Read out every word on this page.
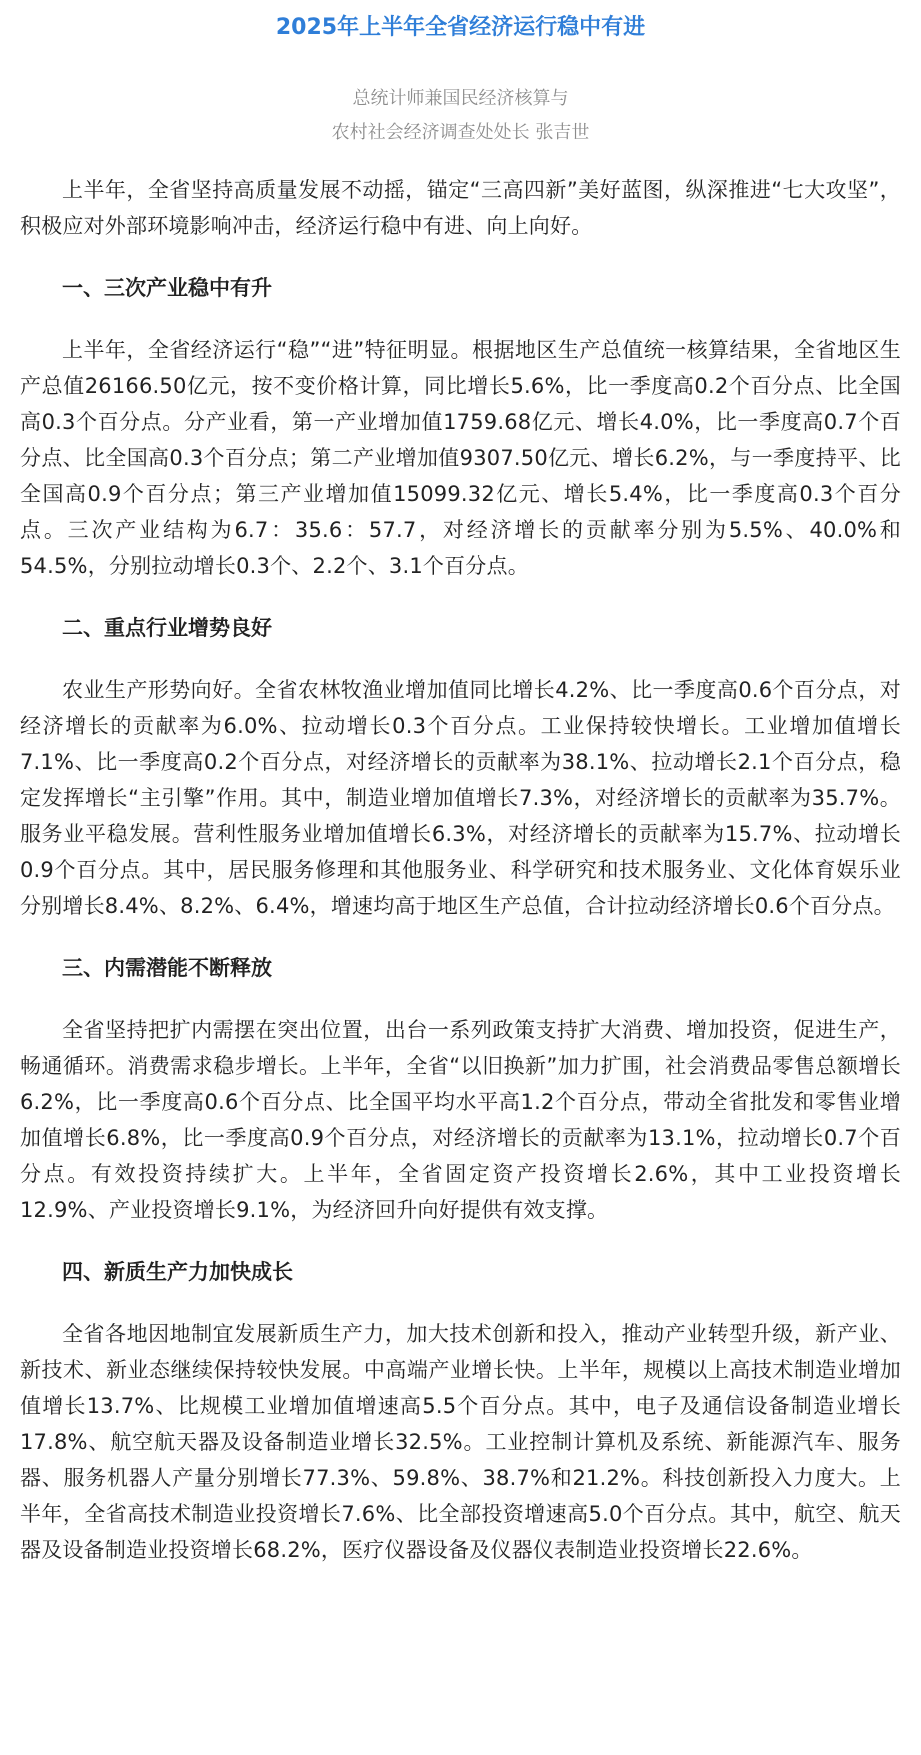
2025年上半年全省经济运行稳中有进
总统计师兼国民经济核算与
农村社会经济调查处处长 张吉世

上半年，全省坚持高质量发展不动摇，锚定“三高四新”美好蓝图，纵深推进“七大攻坚”，积极应对外部环境影响冲击，经济运行稳中有进、向上向好。

一、三次产业稳中有升

上半年，全省经济运行“稳”“进”特征明显。根据地区生产总值统一核算结果，全省地区生产总值26166.50亿元，按不变价格计算，同比增长5.6%，比一季度高0.2个百分点、比全国高0.3个百分点。分产业看，第一产业增加值1759.68亿元、增长4.0%，比一季度高0.7个百分点、比全国高0.3个百分点；第二产业增加值9307.50亿元、增长6.2%，与一季度持平、比全国高0.9个百分点；第三产业增加值15099.32亿元、增长5.4%，比一季度高0.3个百分点。三次产业结构为6.7：35.6：57.7，对经济增长的贡献率分别为5.5%、40.0%和54.5%，分别拉动增长0.3个、2.2个、3.1个百分点。

二、重点行业增势良好

农业生产形势向好。全省农林牧渔业增加值同比增长4.2%、比一季度高0.6个百分点，对经济增长的贡献率为6.0%、拉动增长0.3个百分点。工业保持较快增长。工业增加值增长7.1%、比一季度高0.2个百分点，对经济增长的贡献率为38.1%、拉动增长2.1个百分点，稳定发挥增长“主引擎”作用。其中，制造业增加值增长7.3%，对经济增长的贡献率为35.7%。服务业平稳发展。营利性服务业增加值增长6.3%，对经济增长的贡献率为15.7%、拉动增长0.9个百分点。其中，居民服务修理和其他服务业、科学研究和技术服务业、文化体育娱乐业分别增长8.4%、8.2%、6.4%，增速均高于地区生产总值，合计拉动经济增长0.6个百分点。

三、内需潜能不断释放

全省坚持把扩内需摆在突出位置，出台一系列政策支持扩大消费、增加投资，促进生产，畅通循环。消费需求稳步增长。上半年，全省“以旧换新”加力扩围，社会消费品零售总额增长6.2%，比一季度高0.6个百分点、比全国平均水平高1.2个百分点，带动全省批发和零售业增加值增长6.8%，比一季度高0.9个百分点，对经济增长的贡献率为13.1%，拉动增长0.7个百分点。有效投资持续扩大。上半年，全省固定资产投资增长2.6%，其中工业投资增长12.9%、产业投资增长9.1%，为经济回升向好提供有效支撑。

四、新质生产力加快成长

全省各地因地制宜发展新质生产力，加大技术创新和投入，推动产业转型升级，新产业、新技术、新业态继续保持较快发展。中高端产业增长快。上半年，规模以上高技术制造业增加值增长13.7%、比规模工业增加值增速高5.5个百分点。其中，电子及通信设备制造业增长17.8%、航空航天器及设备制造业增长32.5%。工业控制计算机及系统、新能源汽车、服务器、服务机器人产量分别增长77.3%、59.8%、38.7%和21.2%。科技创新投入力度大。上半年，全省高技术制造业投资增长7.6%、比全部投资增速高5.0个百分点。其中，航空、航天器及设备制造业投资增长68.2%，医疗仪器设备及仪器仪表制造业投资增长22.6%。
